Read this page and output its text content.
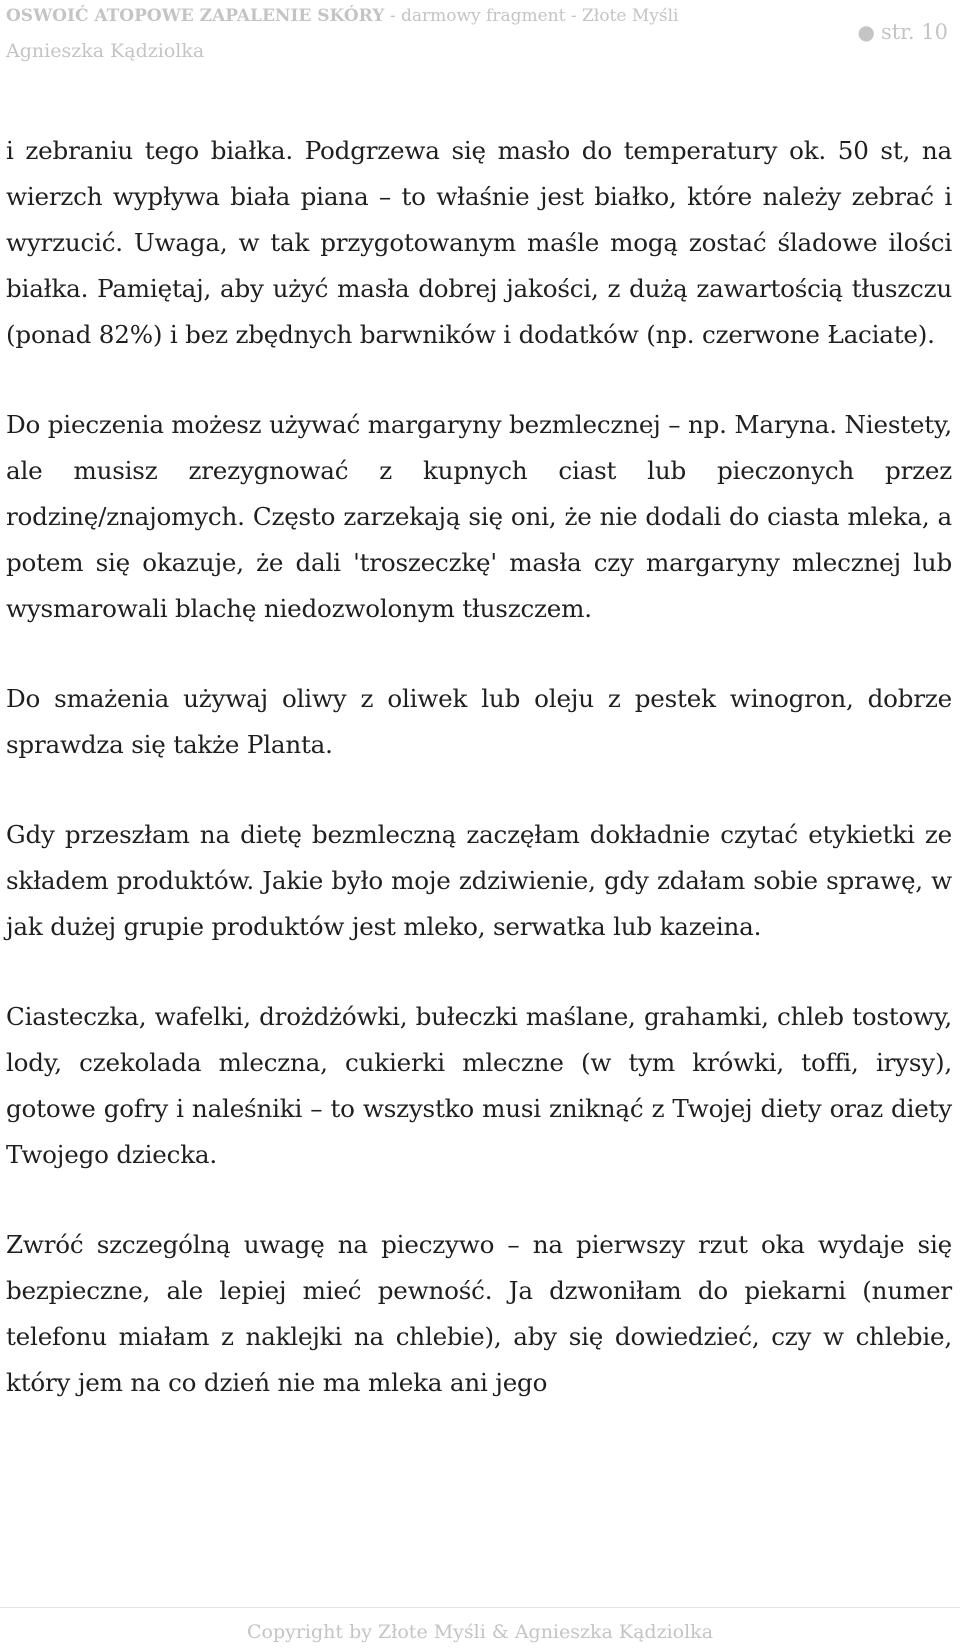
OSWOIĆ ATOPOWE ZAPALENIE SKÓRY - darmowy fragment - Złote Myśli
Agnieszka Kądziolka
● str. 10

i zebraniu tego białka. Podgrzewa się masło do temperatury ok. 50 st, na wierzch wypływa biała piana – to właśnie jest białko, które należy zebrać i wyrzucić. Uwaga, w tak przygotowanym maśle mogą zostać śladowe ilości białka. Pamiętaj, aby użyć masła dobrej jakości, z dużą zawartością tłuszczu (ponad 82%) i bez zbędnych barwników i dodatków (np. czerwone Łaciate).

Do pieczenia możesz używać margaryny bezmlecznej – np. Maryna. Niestety, ale musisz zrezygnować z kupnych ciast lub pieczonych przez rodzinę/znajomych. Często zarzekają się oni, że nie dodali do ciasta mleka, a potem się okazuje, że dali 'troszeczkę' masła czy margaryny mlecznej lub wysmarowali blachę niedozwolonym tłuszczem.

Do smażenia używaj oliwy z oliwek lub oleju z pestek winogron, dobrze sprawdza się także Planta.

Gdy przeszłam na dietę bezmleczną zaczęłam dokładnie czytać etykietki ze składem produktów. Jakie było moje zdziwienie, gdy zdałam sobie sprawę, w jak dużej grupie produktów jest mleko, serwatka lub kazeina.

Ciasteczka, wafelki, drożdżówki, bułeczki maślane, grahamki, chleb tostowy, lody, czekolada mleczna, cukierki mleczne (w tym krówki, toffi, irysy), gotowe gofry i naleśniki – to wszystko musi zniknąć z Twojej diety oraz diety Twojego dziecka.

Zwróć szczególną uwagę na pieczywo – na pierwszy rzut oka wydaje się bezpieczne, ale lepiej mieć pewność. Ja dzwoniłam do piekarni (numer telefonu miałam z naklejki na chlebie), aby się dowiedzieć, czy w chlebie, który jem na co dzień nie ma mleka ani jego

Copyright by Złote Myśli & Agnieszka Kądziolka
